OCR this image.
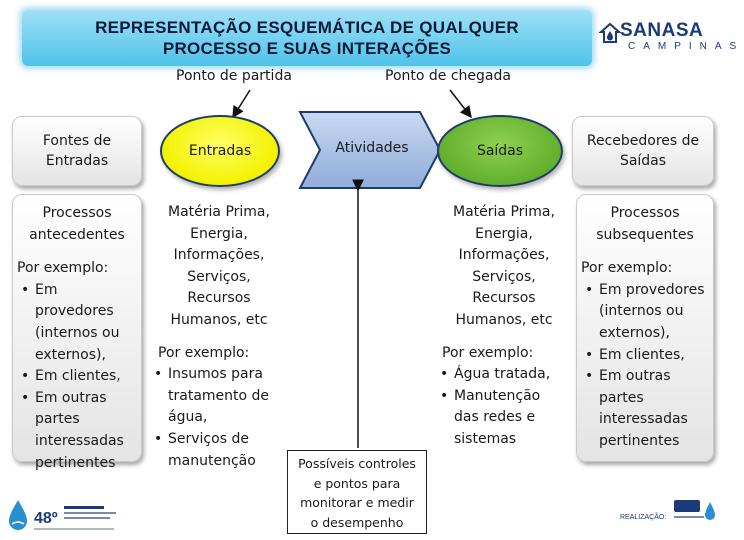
REPRESENTAÇÃO ESQUEMÁTICA DE QUALQUER
PROCESSO E SUAS INTERAÇÕES
SANASA
CAMPINAS
Ponto de partida	Ponto de chegada
Fontes de
Entradas
Entradas	Atividades	Saídas
Recebedores de
Saídas
Processos
antecedentes
Por exemplo:
• Em provedores
(internos ou
externos),
• Em clientes,
• Em outras
partes
interessadas
pertinentes
Matéria Prima,
Energia,
Informações,
Serviços,
Recursos
Humanos, etc
Por exemplo:
• Insumos para
tratamento de
água,
• Serviços de
manutenção
Matéria Prima,
Energia,
Informações,
Serviços,
Recursos
Humanos, etc
Por exemplo:
• Água tratada,
• Manutenção
das redes e
sistemas
Processos
subsequentes
Por exemplo:
• Em provedores
(internos ou
externos),
• Em clientes,
• Em outras
partes
interessadas
pertinentes
Possíveis controles
e pontos para
monitorar e medir
o desempenho
48º	REALIZAÇÃO:
